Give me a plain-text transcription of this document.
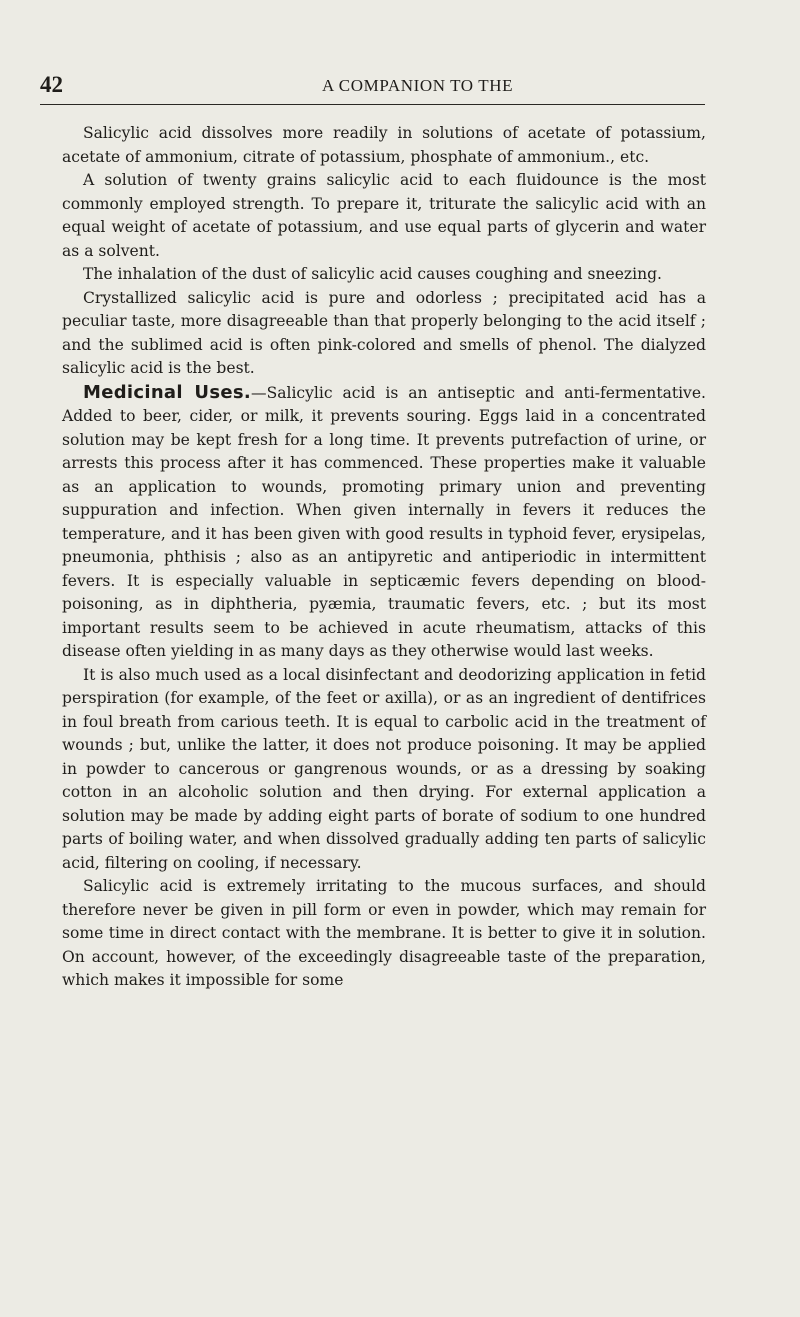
42	A COMPANION TO THE

Salicylic acid dissolves more readily in solutions of acetate of potassium, acetate of ammonium, citrate of potassium, phosphate of ammonium., etc.

A solution of twenty grains salicylic acid to each fluidounce is the most commonly employed strength. To prepare it, triturate the salicylic acid with an equal weight of acetate of potassium, and use equal parts of glycerin and water as a solvent.

The inhalation of the dust of salicylic acid causes coughing and sneezing.

Crystallized salicylic acid is pure and odorless ; precipitated acid has a peculiar taste, more disagreeable than that properly belonging to the acid itself ; and the sublimed acid is often pink-colored and smells of phenol. The dialyzed salicylic acid is the best.

Medicinal Uses.—Salicylic acid is an antiseptic and anti-fermentative. Added to beer, cider, or milk, it prevents souring. Eggs laid in a concentrated solution may be kept fresh for a long time. It prevents putrefaction of urine, or arrests this process after it has commenced. These properties make it valuable as an application to wounds, promoting primary union and preventing suppuration and infection. When given internally in fevers it reduces the temperature, and it has been given with good results in typhoid fever, erysipelas, pneumonia, phthisis ; also as an antipyretic and antiperiodic in intermittent fevers. It is especially valuable in septicæmic fevers depending on blood-poisoning, as in diphtheria, pyæmia, traumatic fevers, etc. ; but its most important results seem to be achieved in acute rheumatism, attacks of this disease often yielding in as many days as they otherwise would last weeks.

It is also much used as a local disinfectant and deodorizing application in fetid perspiration (for example, of the feet or axilla), or as an ingredient of dentifrices in foul breath from carious teeth. It is equal to carbolic acid in the treatment of wounds ; but, unlike the latter, it does not produce poisoning. It may be applied in powder to cancerous or gangrenous wounds, or as a dressing by soaking cotton in an alcoholic solution and then drying. For external application a solution may be made by adding eight parts of borate of sodium to one hundred parts of boiling water, and when dissolved gradually adding ten parts of salicylic acid, filtering on cooling, if necessary.

Salicylic acid is extremely irritating to the mucous surfaces, and should therefore never be given in pill form or even in powder, which may remain for some time in direct contact with the membrane. It is better to give it in solution. On account, however, of the exceedingly disagreeable taste of the preparation, which makes it impossible for some
